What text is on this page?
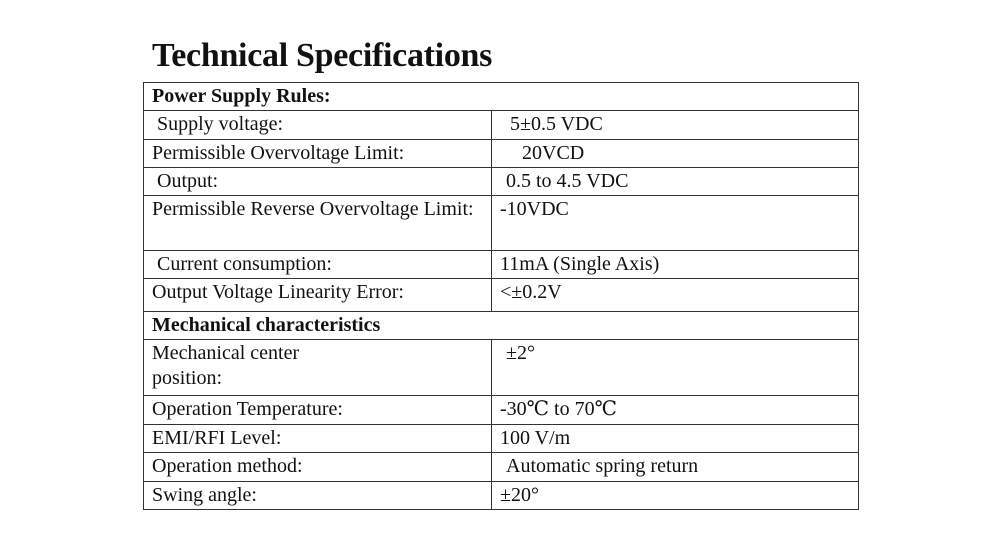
Technical Specifications
Power Supply Rules:	
Supply voltage:	5±0.5 VDC
Permissible Overvoltage Limit:	20VCD
Output:	0.5 to 4.5 VDC
Permissible Reverse Overvoltage Limit:	-10VDC
Current consumption:	11mA (Single Axis)
Output Voltage Linearity Error:	<±0.2V
Mechanical characteristics	
Mechanical center position:	±2°
Operation Temperature:	-30℃ to 70℃
EMI/RFI Level:	100 V/m
Operation method:	Automatic spring return
Swing angle:	±20°
